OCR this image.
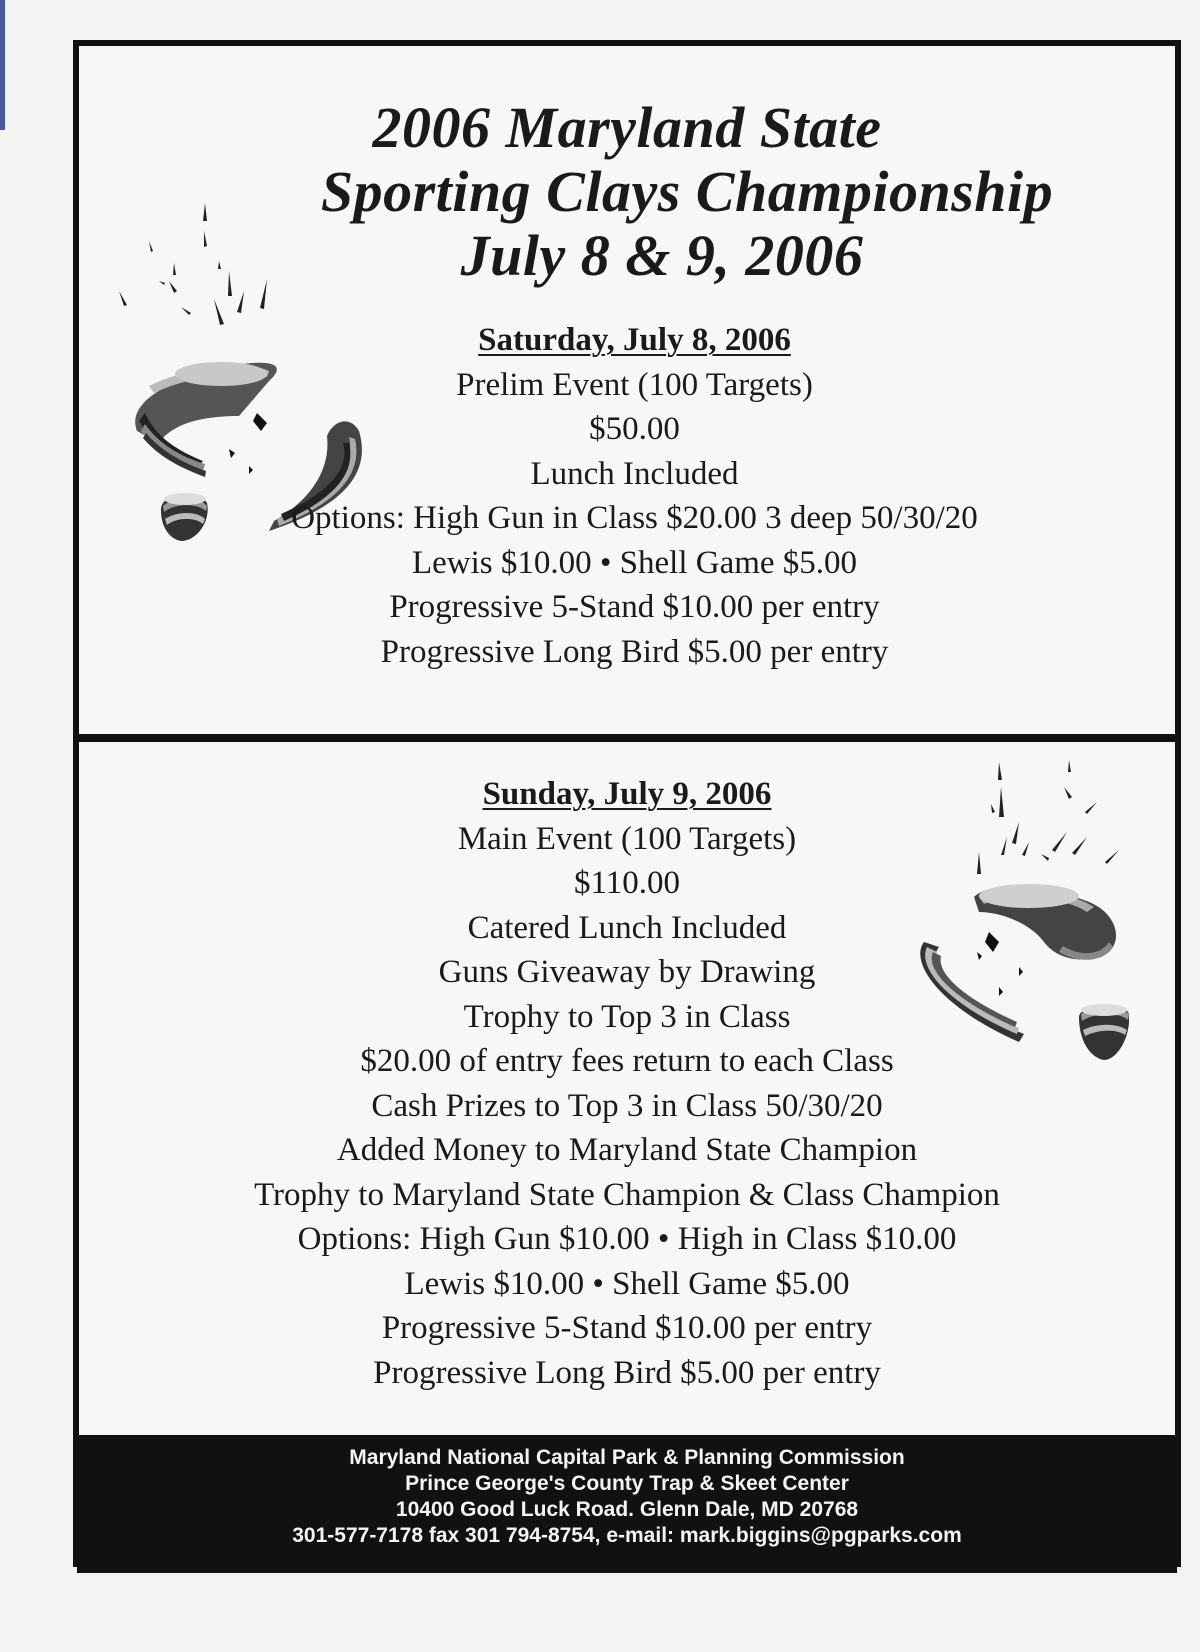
2006 Maryland State
Sporting Clays Championship
July 8 & 9, 2006
Saturday, July 8, 2006
Prelim Event (100 Targets)
$50.00
Lunch Included
Options: High Gun in Class $20.00 3 deep 50/30/20
Lewis $10.00 • Shell Game $5.00
Progressive 5-Stand $10.00 per entry
Progressive Long Bird $5.00 per entry
Sunday, July 9, 2006
Main Event (100 Targets)
$110.00
Catered Lunch Included
Guns Giveaway by Drawing
Trophy to Top 3 in Class
$20.00 of entry fees return to each Class
Cash Prizes to Top 3 in Class 50/30/20
Added Money to Maryland State Champion
Trophy to Maryland State Champion & Class Champion
Options: High Gun $10.00 • High in Class $10.00
Lewis $10.00 • Shell Game $5.00
Progressive 5-Stand $10.00 per entry
Progressive Long Bird $5.00 per entry
Maryland National Capital Park & Planning Commission
Prince George's County Trap & Skeet Center
10400 Good Luck Road. Glenn Dale, MD 20768
301-577-7178 fax 301 794-8754, e-mail: mark.biggins@pgparks.com
